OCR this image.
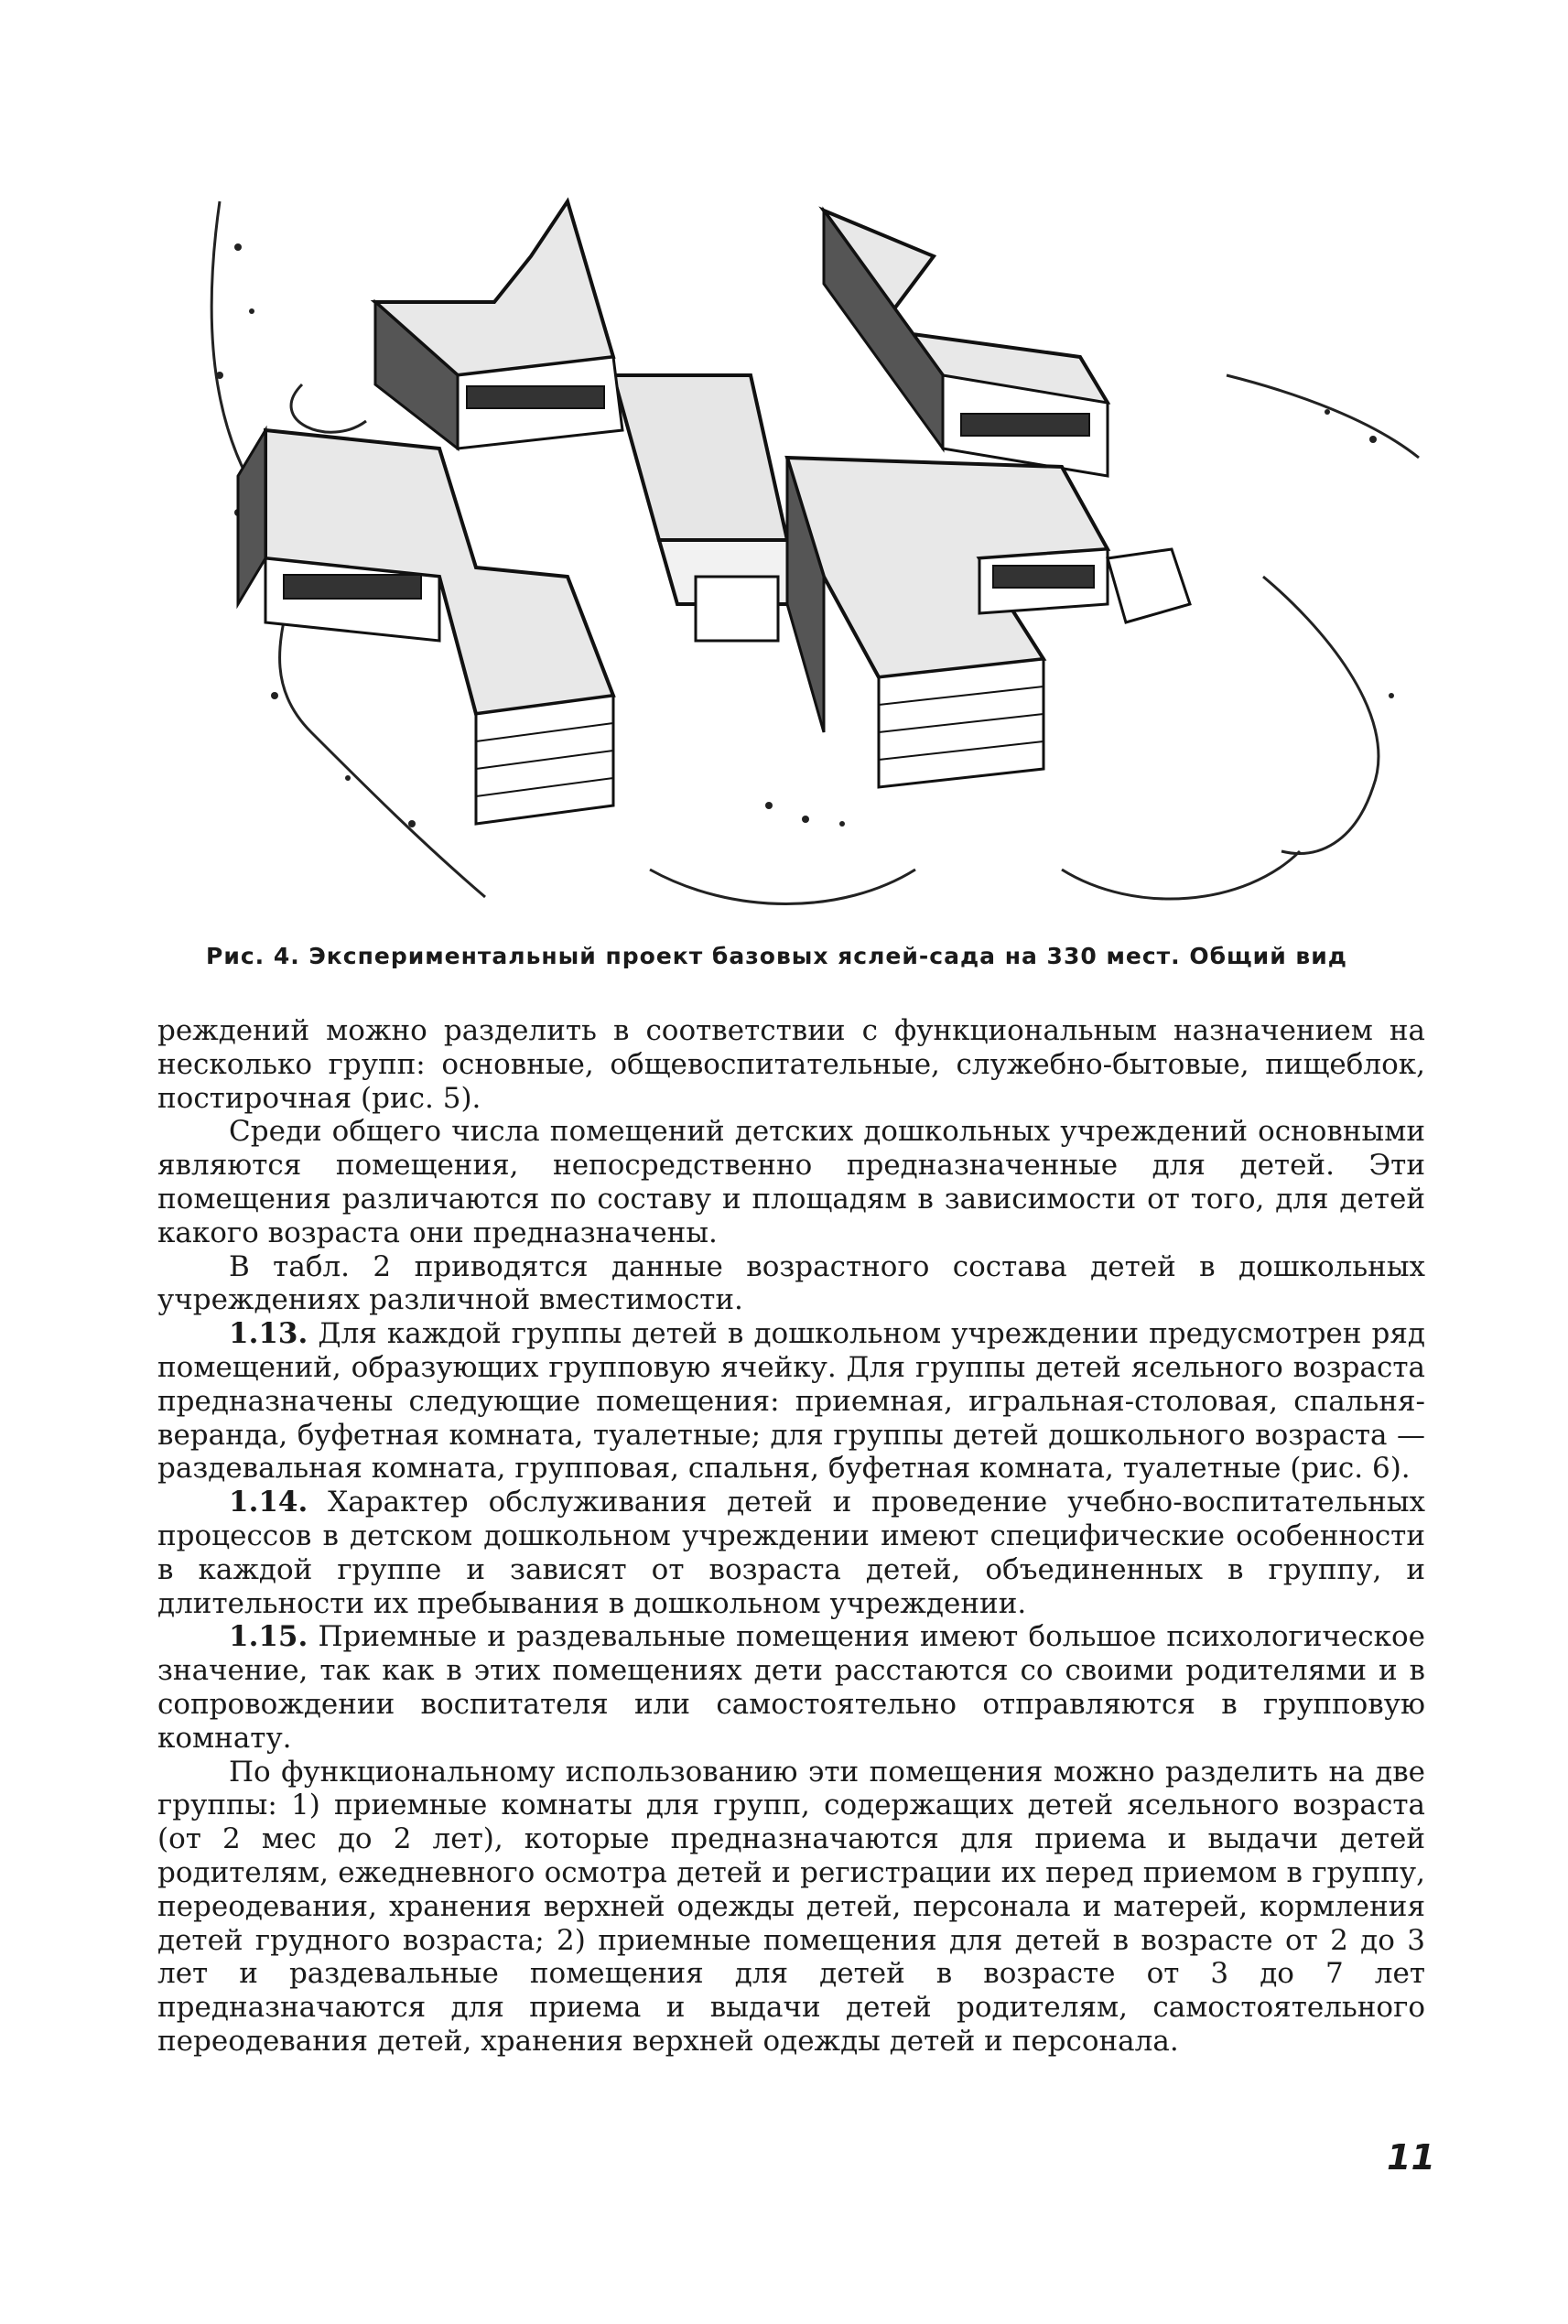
Рис. 4. Экспериментальный проект базовых яслей-сада на 330 мест. Общий вид

реждений можно разделить в соответствии с функциональным назначением на несколько групп: основные, общевоспитательные, служебно-бытовые, пищеблок, постирочная (рис. 5).

Среди общего числа помещений детских дошкольных учреждений основными являются помещения, непосредственно предназначенные для детей. Эти помещения различаются по составу и площадям в зависимости от того, для детей какого возраста они предназначены.

В табл. 2 приводятся данные возрастного состава детей в дошкольных учреждениях различной вместимости.

1.13. Для каждой группы детей в дошкольном учреждении предусмотрен ряд помещений, образующих групповую ячейку. Для группы детей ясельного возраста предназначены следующие помещения: приемная, игральная-столовая, спальня-веранда, буфетная комната, туалетные; для группы детей дошкольного возраста — раздевальная комната, групповая, спальня, буфетная комната, туалетные (рис. 6).

1.14. Характер обслуживания детей и проведение учебно-воспитательных процессов в детском дошкольном учреждении имеют специфические особенности в каждой группе и зависят от возраста детей, объединенных в группу, и длительности их пребывания в дошкольном учреждении.

1.15. Приемные и раздевальные помещения имеют большое психологическое значение, так как в этих помещениях дети расстаются со своими родителями и в сопровождении воспитателя или самостоятельно отправляются в групповую комнату.

По функциональному использованию эти помещения можно разделить на две группы: 1) приемные комнаты для групп, содержащих детей ясельного возраста (от 2 мес до 2 лет), которые предназначаются для приема и выдачи детей родителям, ежедневного осмотра детей и регистрации их перед приемом в группу, переодевания, хранения верхней одежды детей, персонала и матерей, кормления детей грудного возраста; 2) приемные помещения для детей в возрасте от 2 до 3 лет и раздевальные помещения для детей в возрасте от 3 до 7 лет предназначаются для приема и выдачи детей родителям, самостоятельного переодевания детей, хранения верхней одежды детей и персонала.

11
